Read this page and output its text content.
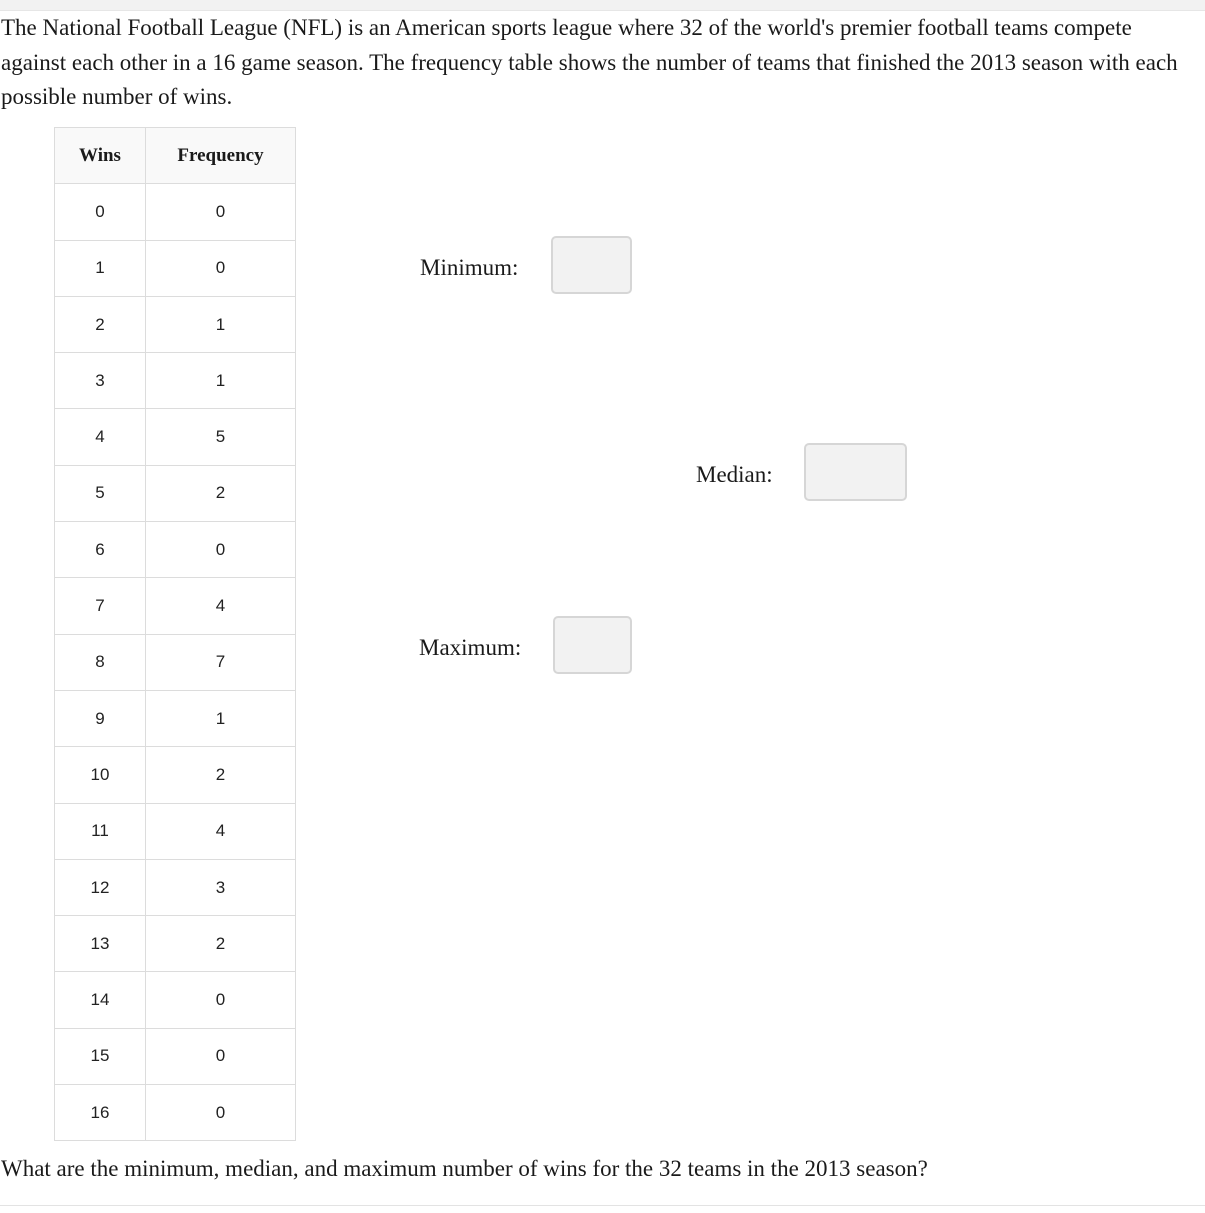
The National Football League (NFL) is an American sports league where 32 of the world's premier football teams compete against each other in a 16 game season. The frequency table shows the number of teams that finished the 2013 season with each possible number of wins.

Wins	Frequency
0	0
1	0
2	1
3	1
4	5
5	2
6	0
7	4
8	7
9	1
10	2
11	4
12	3
13	2
14	0
15	0
16	0
Minimum:
Median:
Maximum:

What are the minimum, median, and maximum number of wins for the 32 teams in the 2013 season?
